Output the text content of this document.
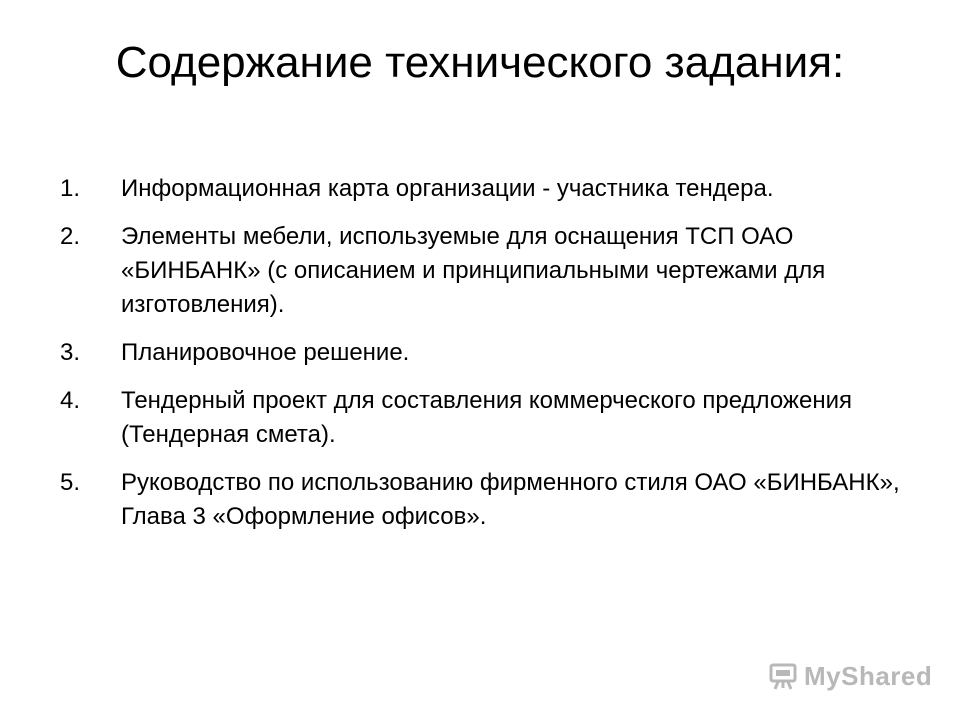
Содержание технического задания:
1. Информационная карта организации - участника тендера.
2. Элементы мебели, используемые для оснащения ТСП ОАО «БИНБАНК» (с описанием и принципиальными чертежами для изготовления).
3. Планировочное решение.
4. Тендерный проект для составления коммерческого предложения (Тендерная смета).
5. Руководство по использованию фирменного стиля ОАО «БИНБАНК», Глава 3 «Оформление офисов».
MyShared
